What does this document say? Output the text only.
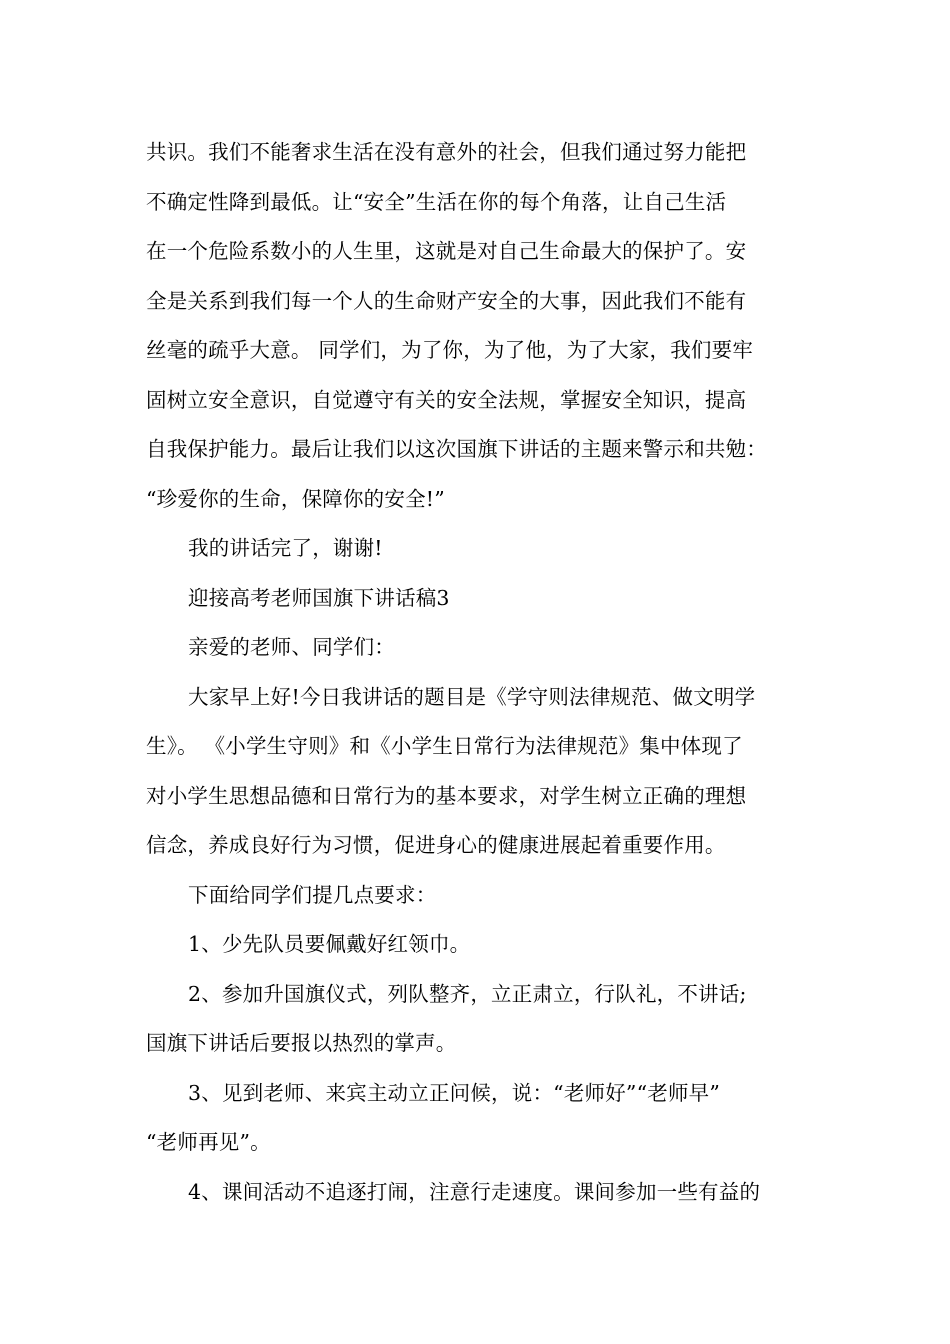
共识。我们不能奢求生活在没有意外的社会，但我们通过努力能把
不确定性降到最低。让“安全”生活在你的每个角落，让自己生活
在一个危险系数小的人生里，这就是对自己生命最大的保护了。安
全是关系到我们每一个人的生命财产安全的大事，因此我们不能有
丝毫的疏乎大意。 同学们，为了你，为了他，为了大家，我们要牢
固树立安全意识，自觉遵守有关的安全法规，掌握安全知识，提高
自我保护能力。最后让我们以这次国旗下讲话的主题来警示和共勉：
“珍爱你的生命，保障你的安全!”
我的讲话完了，谢谢!
迎接高考老师国旗下讲话稿3
亲爱的老师、同学们：
大家早上好!今日我讲话的题目是《学守则法律规范、做文明学
生》。 《小学生守则》和《小学生日常行为法律规范》集中体现了
对小学生思想品德和日常行为的基本要求，对学生树立正确的理想
信念，养成良好行为习惯，促进身心的健康进展起着重要作用。
下面给同学们提几点要求：
1、少先队员要佩戴好红领巾。
2、参加升国旗仪式，列队整齐，立正肃立，行队礼，不讲话;
国旗下讲话后要报以热烈的掌声。
3、见到老师、来宾主动立正问候，说：“老师好”“老师早”
“老师再见”。
4、课间活动不追逐打闹，注意行走速度。课间参加一些有益的
